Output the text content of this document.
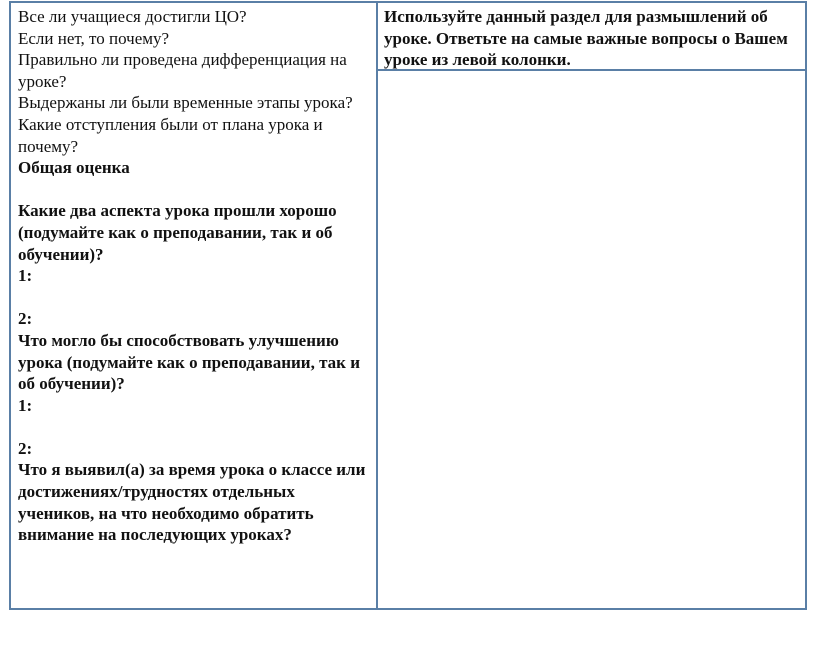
Все ли учащиеся достигли ЦО?
Если нет, то почему?
Правильно ли проведена дифференциация на уроке?
Выдержаны ли были временные этапы урока?
Какие отступления были от плана урока и почему?
Общая оценка
Какие два аспекта урока прошли хорошо (подумайте как о преподавании, так и об обучении)?
1:
2:
Что могло бы способствовать улучшению урока (подумайте как о преподавании, так и об обучении)?
1:
2:
Что я выявил(а) за время урока о классе или достижениях/трудностях отдельных учеников, на что необходимо обратить внимание на последующих уроках?
Используйте данный раздел для размышлений об уроке. Ответьте на самые важные вопросы о Вашем уроке из левой колонки.
